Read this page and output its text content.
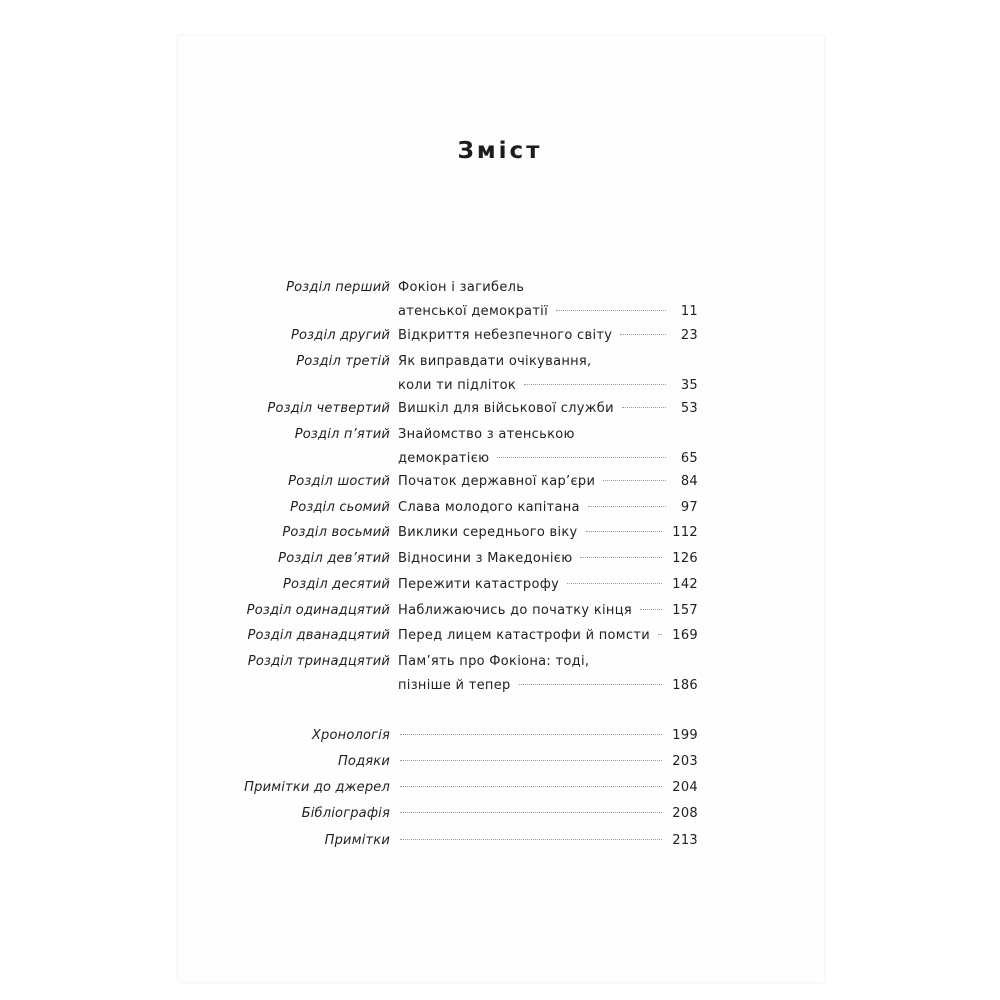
Зміст
Розділ перший Фокіон і загибель
атенської демократії	11
Розділ другий Відкриття небезпечного світу	23
Розділ третій Як виправдати очікування,
коли ти підліток	35
Розділ четвертий Вишкіл для військової служби	53
Розділ п’ятий Знайомство з атенською
демократією	65
Розділ шостий Початок державної кар’єри	84
Розділ сьомий Слава молодого капітана	97
Розділ восьмий Виклики середнього віку	112
Розділ дев’ятий Відносини з Македонією	126
Розділ десятий Пережити катастрофу	142
Розділ одинадцятий Наближаючись до початку кінця	157
Розділ дванадцятий Перед лицем катастрофи й помсти 169
Розділ тринадцятий Пам’ять про Фокіона: тоді,
пізніше й тепер	186
Хронологія	199
Подяки	203
Примітки до джерел	204
Бібліографія	208
Примітки	213
